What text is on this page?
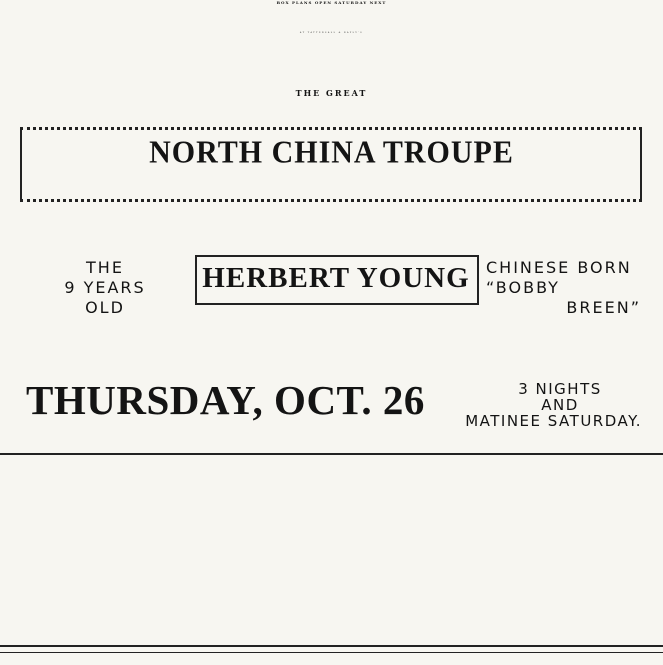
BOX PLANS OPEN SATURDAY NEXT
AT TATTERSALL & BAYLY'S
THE GREAT
NORTH CHINA TROUPE
THE
9 YEARS
OLD
HERBERT YOUNG	CHINESE BORN
“BOBBY
BREEN”
THURSDAY, OCT. 26	3 NIGHTS
AND
MATINEE SATURDAY.
